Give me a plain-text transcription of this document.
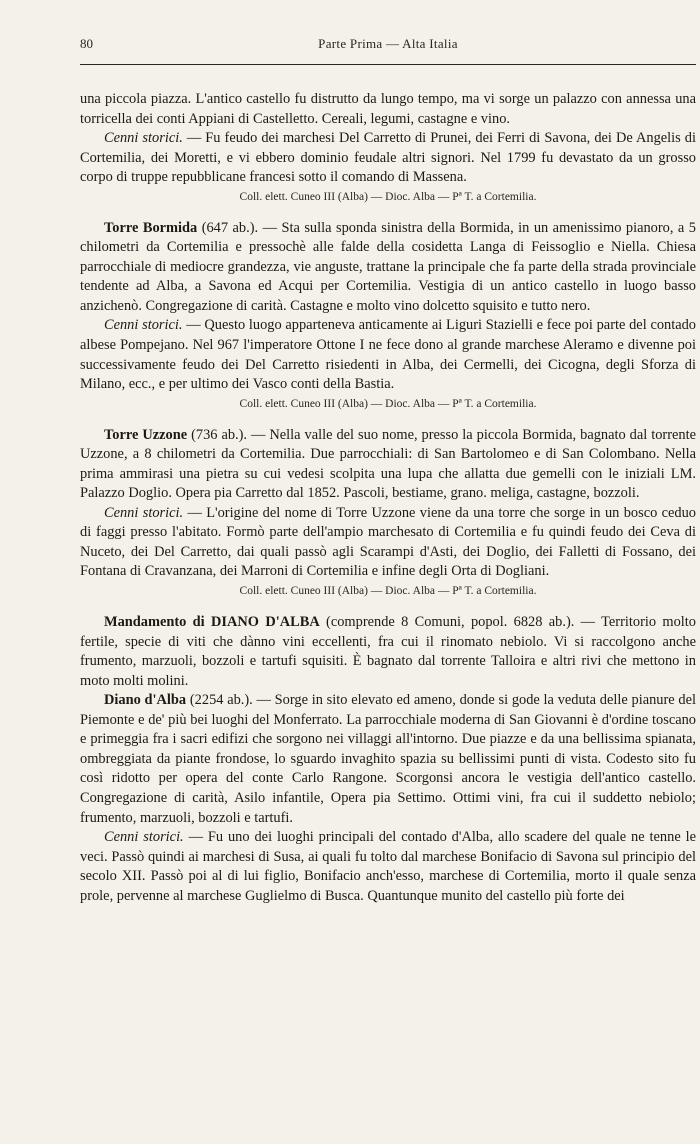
80	Parte Prima — Alta Italia

una piccola piazza. L'antico castello fu distrutto da lungo tempo, ma vi sorge un palazzo con annessa una torricella dei conti Appiani di Castelletto. Cereali, legumi, castagne e vino.

Cenni storici. — Fu feudo dei marchesi Del Carretto di Prunei, dei Ferri di Savona, dei De Angelis di Cortemilia, dei Moretti, e vi ebbero dominio feudale altri signori. Nel 1799 fu devastato da un grosso corpo di truppe repubblicane francesi sotto il comando di Massena.

Coll. elett. Cuneo III (Alba) — Dioc. Alba — Pª T. a Cortemilia.

Torre Bormida (647 ab.). — Sta sulla sponda sinistra della Bormida, in un amenissimo pianoro, a 5 chilometri da Cortemilia e pressochè alle falde della cosidetta Langa di Feissoglio e Niella. Chiesa parrocchiale di mediocre grandezza, vie anguste, trattane la principale che fa parte della strada provinciale tendente ad Alba, a Savona ed Acqui per Cortemilia. Vestigia di un antico castello in luogo basso anzichenò. Congregazione di carità. Castagne e molto vino dolcetto squisito e tutto nero.

Cenni storici. — Questo luogo apparteneva anticamente ai Liguri Stazielli e fece poi parte del contado albese Pompejano. Nel 967 l'imperatore Ottone I ne fece dono al grande marchese Aleramo e divenne poi successivamente feudo dei Del Carretto risiedenti in Alba, dei Cermelli, dei Cicogna, degli Sforza di Milano, ecc., e per ultimo dei Vasco conti della Bastia.

Coll. elett. Cuneo III (Alba) — Dioc. Alba — Pª T. a Cortemilia.

Torre Uzzone (736 ab.). — Nella valle del suo nome, presso la piccola Bormida, bagnato dal torrente Uzzone, a 8 chilometri da Cortemilia. Due parrocchiali: di San Bartolomeo e di San Colombano. Nella prima ammirasi una pietra su cui vedesi scolpita una lupa che allatta due gemelli con le iniziali LM. Palazzo Doglio. Opera pia Carretto dal 1852. Pascoli, bestiame, grano. meliga, castagne, bozzoli.

Cenni storici. — L'origine del nome di Torre Uzzone viene da una torre che sorge in un bosco ceduo di faggi presso l'abitato. Formò parte dell'ampio marchesato di Cortemilia e fu quindi feudo dei Ceva di Nuceto, dei Del Carretto, dai quali passò agli Scarampi d'Asti, dei Doglio, dei Falletti di Fossano, dei Fontana di Cravanzana, dei Marroni di Cortemilia e infine degli Orta di Dogliani.

Coll. elett. Cuneo III (Alba) — Dioc. Alba — Pª T. a Cortemilia.

Mandamento di DIANO D'ALBA (comprende 8 Comuni, popol. 6828 ab.). — Territorio molto fertile, specie di viti che dànno vini eccellenti, fra cui il rinomato nebiolo. Vi si raccolgono anche frumento, marzuoli, bozzoli e tartufi squisiti. È bagnato dal torrente Talloira e altri rivi che mettono in moto molti molini.

Diano d'Alba (2254 ab.). — Sorge in sito elevato ed ameno, donde si gode la veduta delle pianure del Piemonte e de' più bei luoghi del Monferrato. La parrocchiale moderna di San Giovanni è d'ordine toscano e primeggia fra i sacri edifizi che sorgono nei villaggi all'intorno. Due piazze e da una bellissima spianata, ombreggiata da piante frondose, lo sguardo invaghito spazia su bellissimi punti di vista. Codesto sito fu così ridotto per opera del conte Carlo Rangone. Scorgonsi ancora le vestigia dell'antico castello. Congregazione di carità, Asilo infantile, Opera pia Settimo. Ottimi vini, fra cui il suddetto nebiolo; frumento, marzuoli, bozzoli e tartufi.

Cenni storici. — Fu uno dei luoghi principali del contado d'Alba, allo scadere del quale ne tenne le veci. Passò quindi ai marchesi di Susa, ai quali fu tolto dal marchese Bonifacio di Savona sul principio del secolo XII. Passò poi al di lui figlio, Bonifacio anch'esso, marchese di Cortemilia, morto il quale senza prole, pervenne al marchese Guglielmo di Busca. Quantunque munito del castello più forte dei
